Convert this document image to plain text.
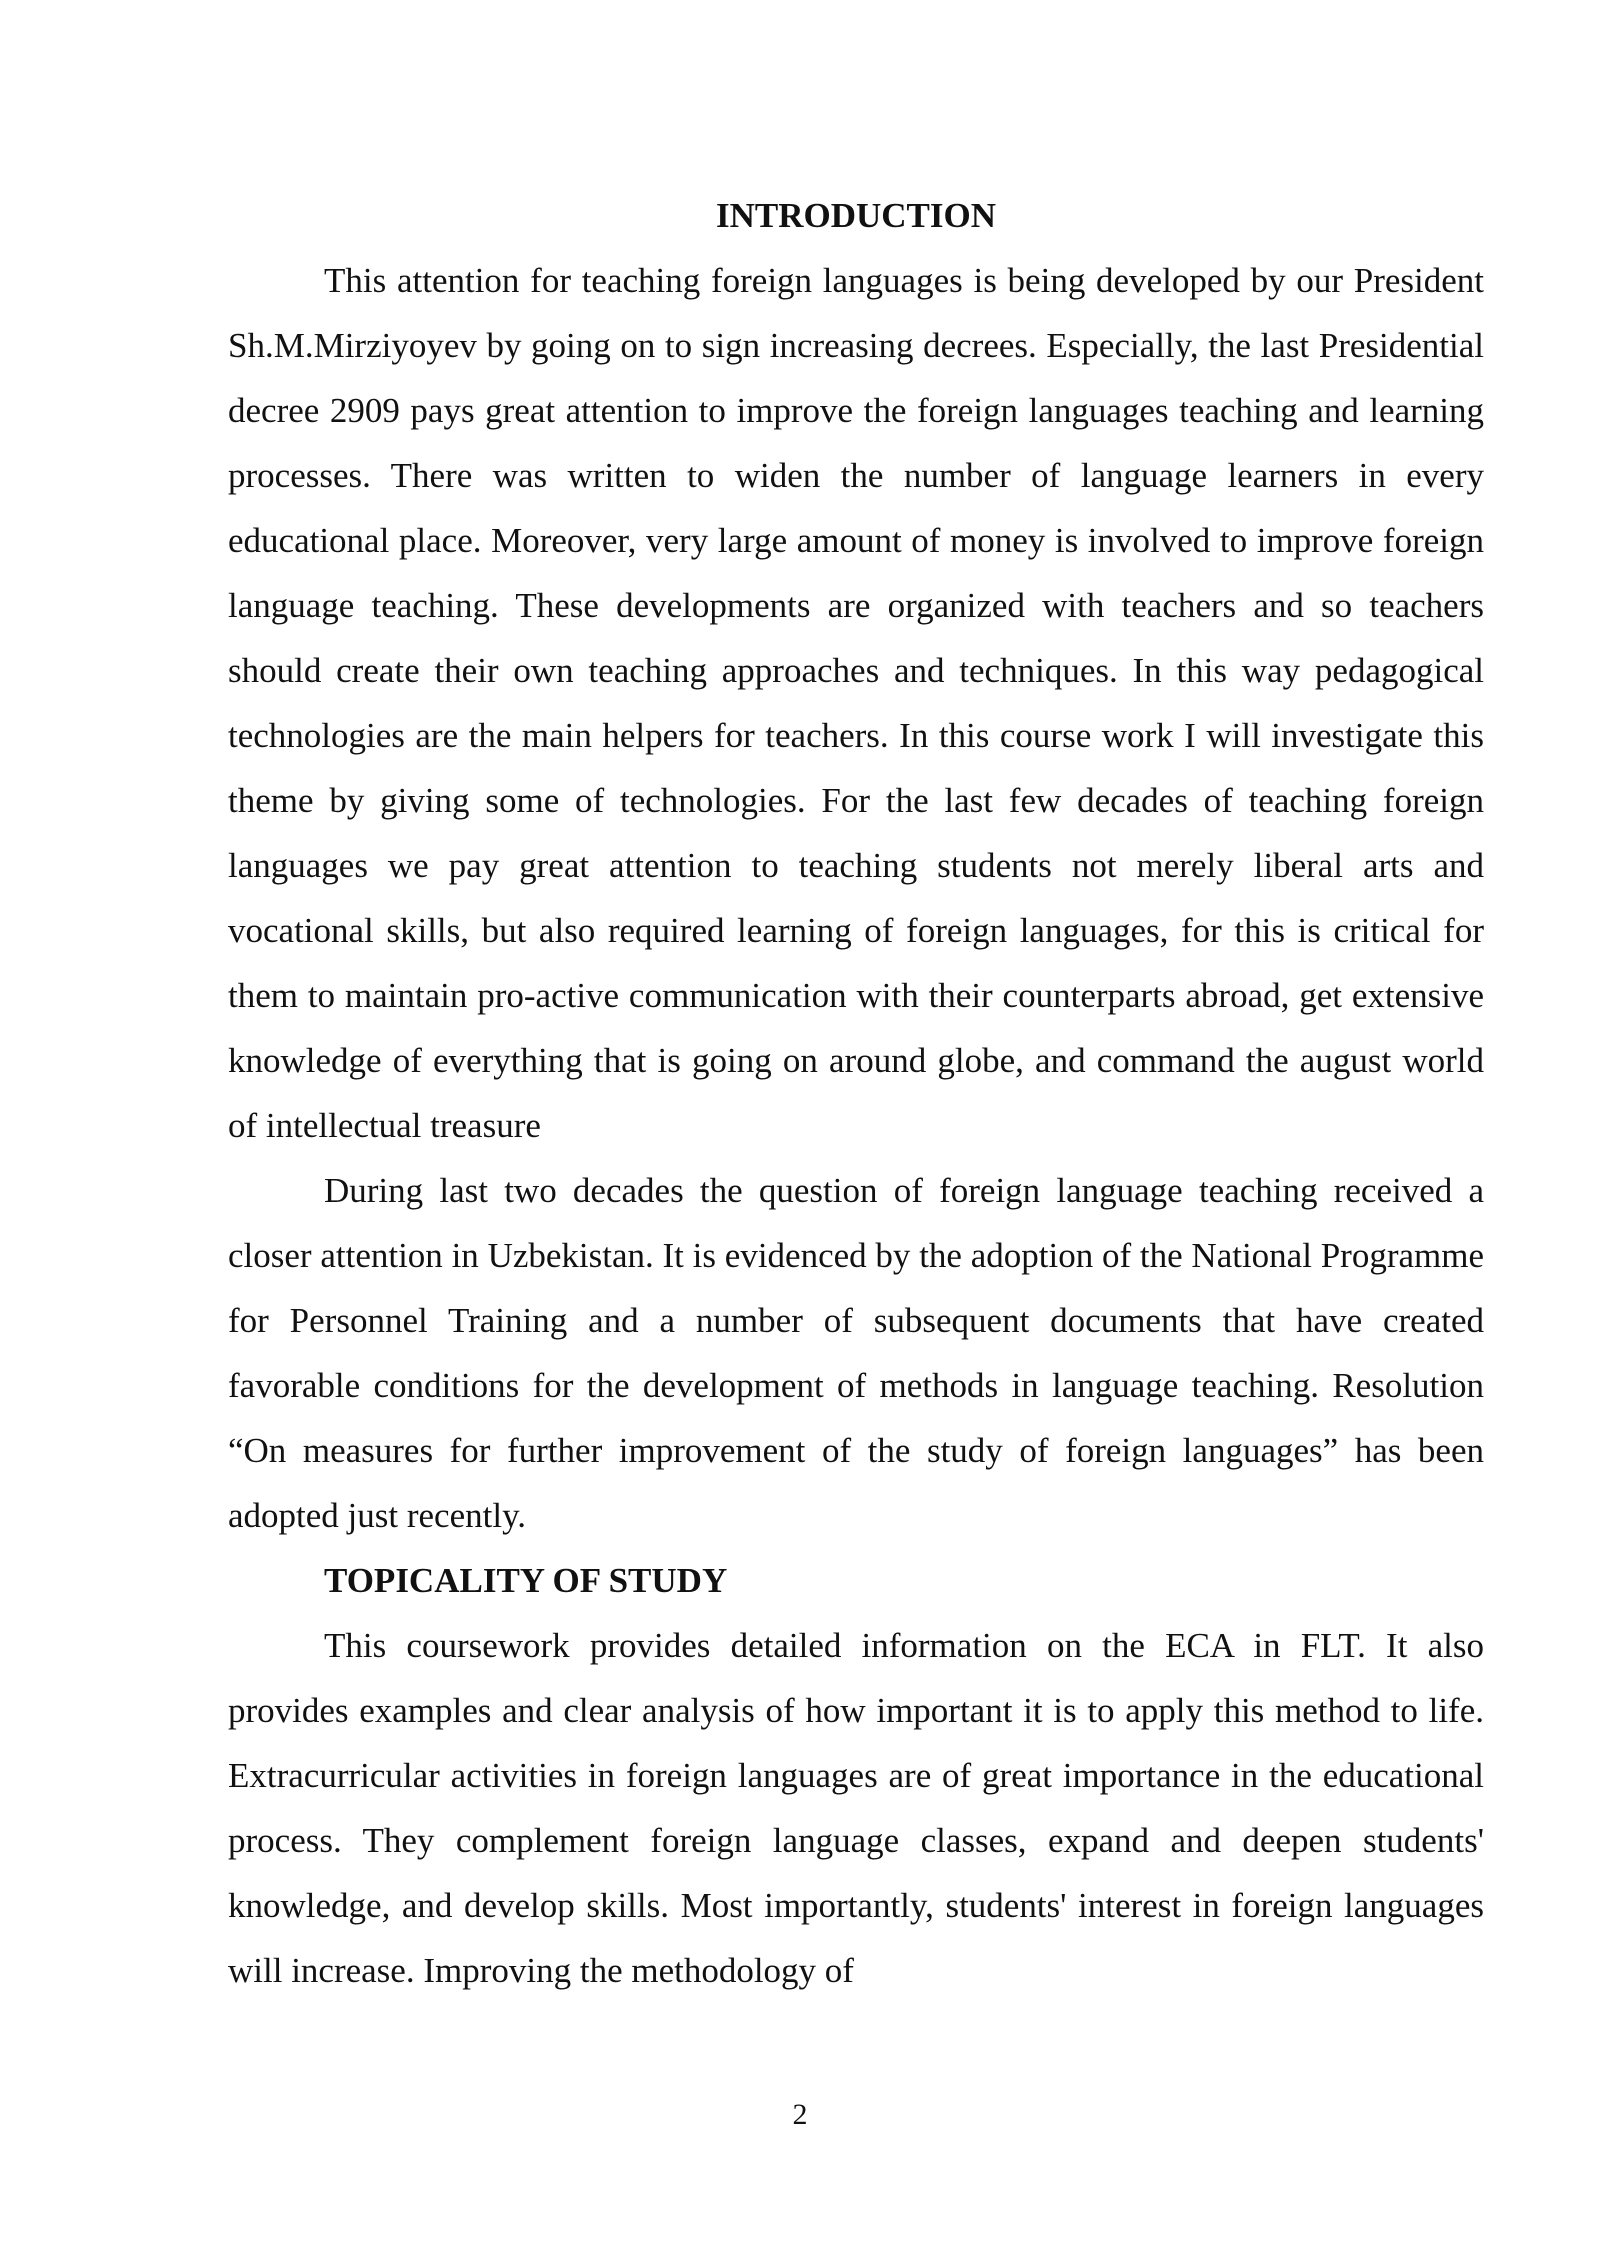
INTRODUCTION

This attention for teaching foreign languages is being developed by our President Sh.M.Mirziyoyev by going on to sign increasing decrees. Especially, the last Presidential decree 2909 pays great attention to improve the foreign languages teaching and learning processes. There was written to widen the number of language learners in every educational place. Moreover, very large amount of money is involved to improve foreign language teaching. These developments are organized with teachers and so teachers should create their own teaching approaches and techniques. In this way pedagogical technologies are the main helpers for teachers. In this course work I will investigate this theme by giving some of technologies. For the last few decades of teaching foreign languages we pay great attention to teaching students not merely liberal arts and vocational skills, but also required learning of foreign languages, for this is critical for them to maintain pro-active communication with their counterparts abroad, get extensive knowledge of everything that is going on around globe, and command the august world of intellectual treasure

During last two decades the question of foreign language teaching received a closer attention in Uzbekistan. It is evidenced by the adoption of the National Programme for Personnel Training and a number of subsequent documents that have created favorable conditions for the development of methods in language teaching. Resolution “On measures for further improvement of the study of foreign languages” has been adopted just recently.

TOPICALITY OF STUDY

This coursework provides detailed information on the ECA in FLT. It also provides examples and clear analysis of how important it is to apply this method to life. Extracurricular activities in foreign languages are of great importance in the educational process. They complement foreign language classes, expand and deepen students' knowledge, and develop skills. Most importantly, students' interest in foreign languages will increase. Improving the methodology of

2
